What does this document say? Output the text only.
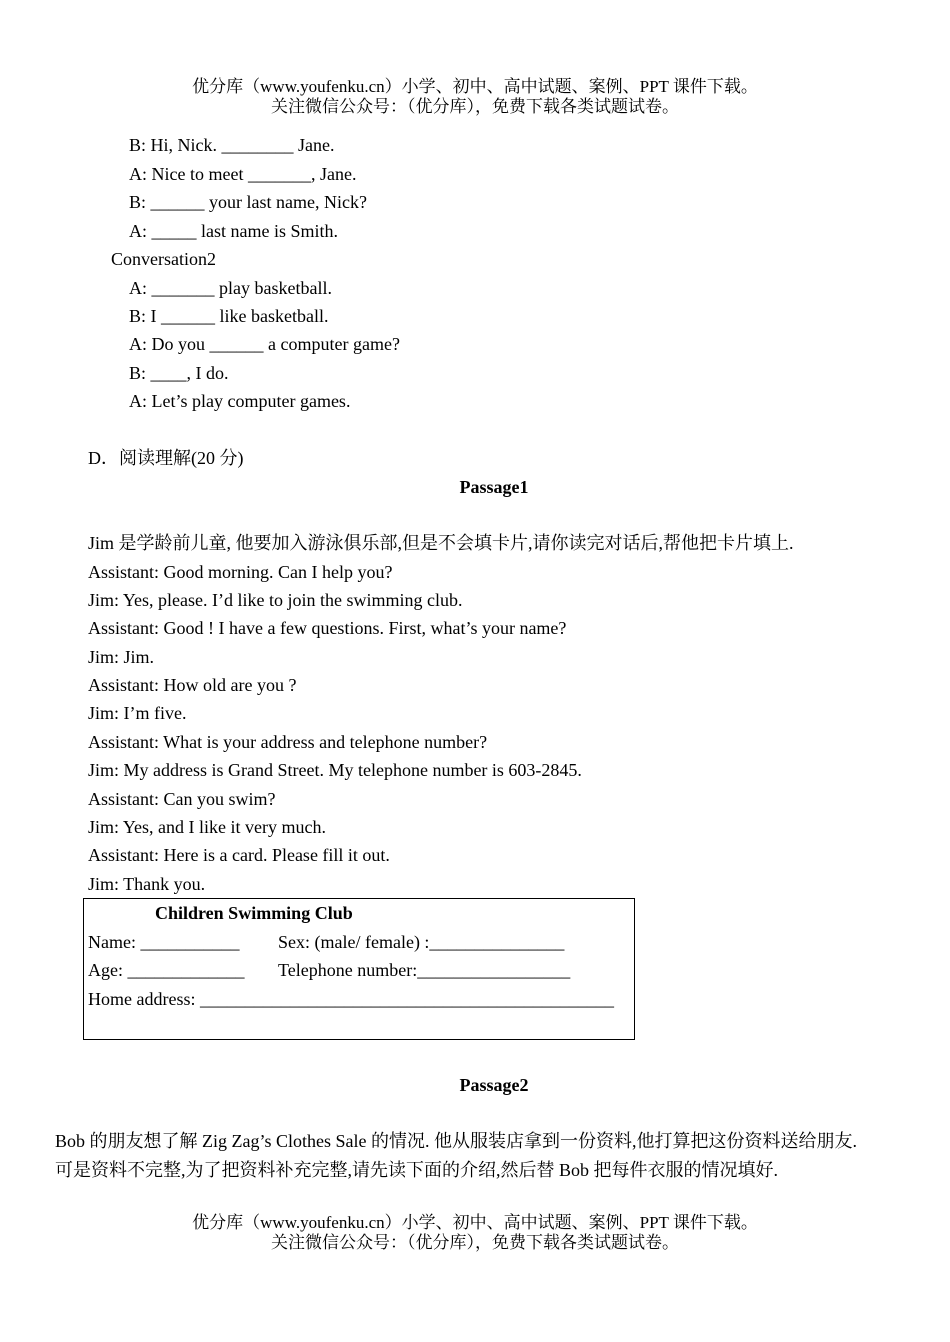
优分库（www.youfenku.cn）小学、初中、高中试题、案例、PPT 课件下载。
关注微信公众号：（优分库），免费下载各类试题试卷。
B: Hi, Nick. ________ Jane.
A: Nice to meet _______, Jane.
B: ______ your last name, Nick?
A: _____ last name is Smith.
Conversation2
A: _______ play basketball.
B: I ______ like basketball.
A: Do you ______ a computer game?
B: ____, I do.
A: Let’s play computer games.
D．阅读理解(20 分)
Passage1
Jim 是学龄前儿童, 他要加入游泳俱乐部,但是不会填卡片,请你读完对话后,帮他把卡片填上.
Assistant: Good morning. Can I help you?
Jim: Yes, please. I’d like to join the swimming club.
Assistant: Good ! I have a few questions. First, what’s your name?
Jim: Jim.
Assistant: How old are you ?
Jim: I’m five.
Assistant: What is your address and telephone number?
Jim: My address is Grand Street. My telephone number is 603-2845.
Assistant: Can you swim?
Jim: Yes, and I like it very much.
Assistant: Here is a card. Please fill it out.
Jim: Thank you.
Children Swimming Club
Name: ___________ Sex: (male/ female) :_______________
Age: _____________ Telephone number:_________________
Home address: ______________________________________________
Passage2
Bob 的朋友想了解 Zig Zag’s Clothes Sale 的情况. 他从服装店拿到一份资料,他打算把这份资料送给朋友.
可是资料不完整,为了把资料补充完整,请先读下面的介绍,然后替 Bob 把每件衣服的情况填好.
优分库（www.youfenku.cn）小学、初中、高中试题、案例、PPT 课件下载。
关注微信公众号：（优分库），免费下载各类试题试卷。
